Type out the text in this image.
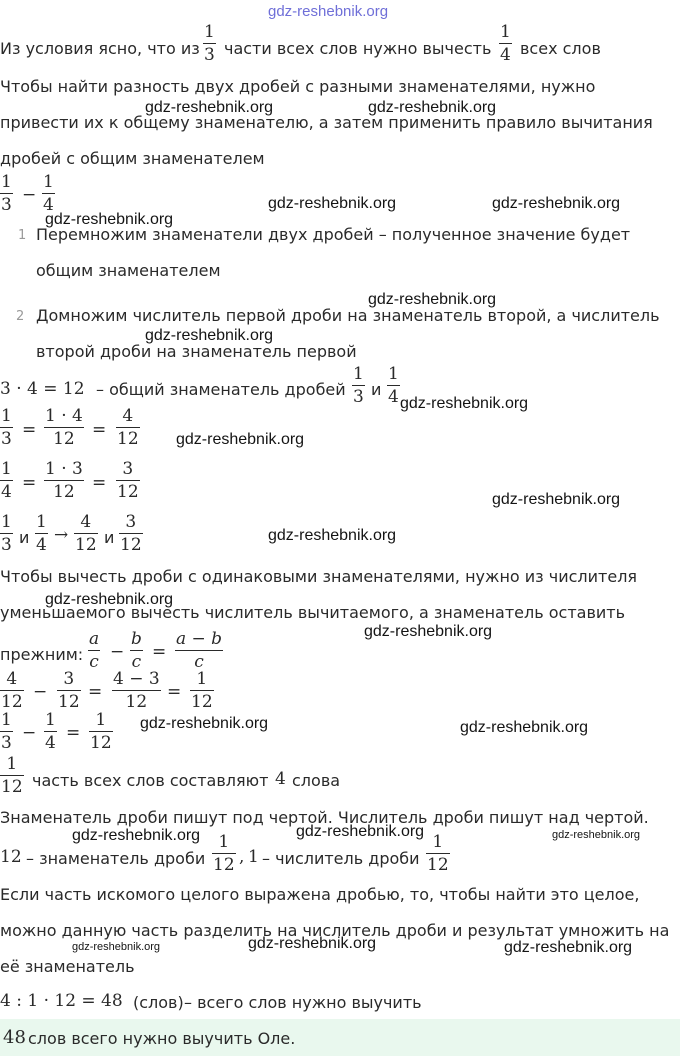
gdz-reshebnik.org
Из условия ясно, что из
1
3 части всех слов нужно вычесть
1
4 всех слов
Чтобы найти разность двух дробей с разными знаменателями, нужно
привести их к общему знаменателю, а затем применить правило вычитания
дробей с общим знаменателем
1
3 −
1
4
1 Перемножим знаменатели двух дробей – полученное значение будет
общим знаменателем
2 Домножим числитель первой дроби на знаменатель второй, а числитель
второй дроби на знаменатель первой
3 · 4 = 12 – общий знаменатель дробей
1
3 и
1
4
1
3 =
1 · 4
12	=
4
12
1
4 =
1 · 3
12	=
3
12
1
3 и
1
4 →
4
12 и
3
12
Чтобы вычесть дроби с одинаковыми знаменателями, нужно из числителя
уменьшаемого вычесть числитель вычитаемого, а знаменатель оставить
прежним:
a
c −
b
c =
a − b
c
4
12 −
3
12 =
4 − 3
12	=
1
12
1
3 −
1
4 =
1
12
1
12 часть всех слов составляют 4 слова
Знаменатель дроби пишут под чертой. Числитель дроби пишут над чертой.
12 – знаменатель дроби
1
12 , 1 – числитель дроби
1
12
Если часть искомого целого выражена дробью, то, чтобы найти это целое,
можно данную часть разделить на числитель дроби и результат умножить на
её знаменатель
4 : 1 · 12 = 48 (слов) – всего слов нужно выучить
48 слов всего нужно выучить Оле.
gdz-reshebnik.org	gdz-reshebnik.org
gdz-reshebnik.org	gdz-reshebnik.org
gdz-reshebnik.org
gdz-reshebnik.org
gdz-reshebnik.org
gdz-reshebnik.org
gdz-reshebnik.org
gdz-reshebnik.org
gdz-reshebnik.org
gdz-reshebnik.org
gdz-reshebnik.org
gdz-reshebnik.org	gdz-reshebnik.org
gdz-reshebnik.org	gdz-reshebnik.org	gdz-reshebnik.org
gdz-reshebnik.org	gdz-reshebnik.org	gdz-reshebnik.org
